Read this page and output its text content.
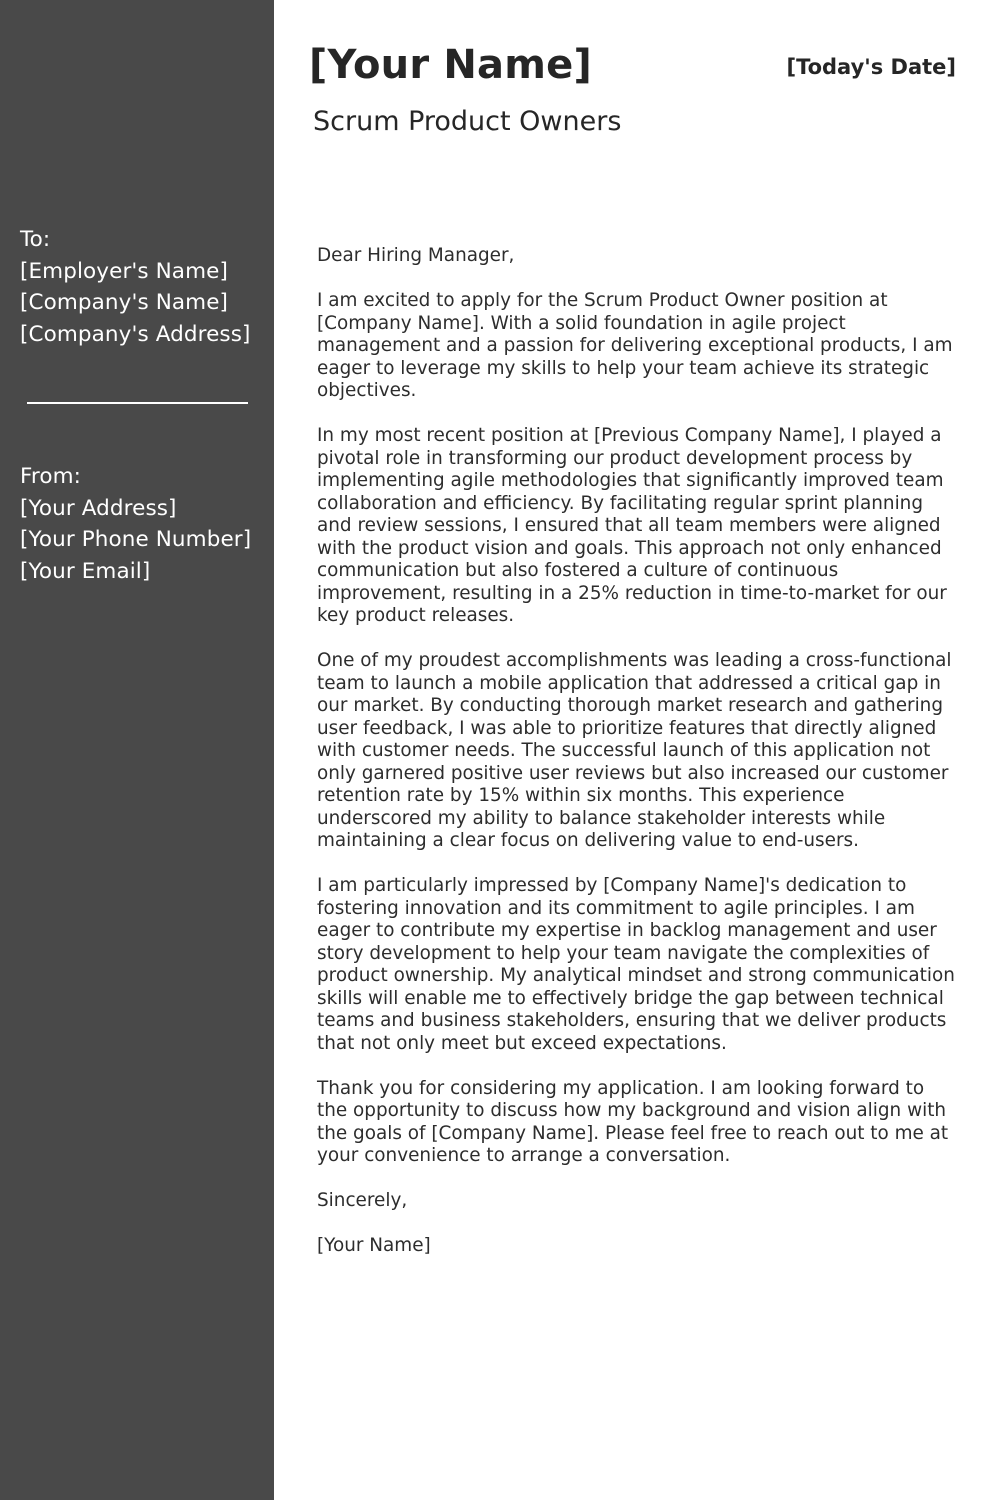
To:
[Employer's Name]
[Company's Name]
[Company's Address]
From:
[Your Address]
[Your Phone Number]
[Your Email]
[Your Name]	[Today's Date]
Scrum Product Owners

Dear Hiring Manager,

I am excited to apply for the Scrum Product Owner position at [Company Name]. With a solid foundation in agile project management and a passion for delivering exceptional products, I am eager to leverage my skills to help your team achieve its strategic objectives.

In my most recent position at [Previous Company Name], I played a pivotal role in transforming our product development process by implementing agile methodologies that significantly improved team collaboration and efficiency. By facilitating regular sprint planning and review sessions, I ensured that all team members were aligned with the product vision and goals. This approach not only enhanced communication but also fostered a culture of continuous improvement, resulting in a 25% reduction in time-to-market for our key product releases.

One of my proudest accomplishments was leading a cross-functional team to launch a mobile application that addressed a critical gap in our market. By conducting thorough market research and gathering user feedback, I was able to prioritize features that directly aligned with customer needs. The successful launch of this application not only garnered positive user reviews but also increased our customer retention rate by 15% within six months. This experience underscored my ability to balance stakeholder interests while maintaining a clear focus on delivering value to end-users.

I am particularly impressed by [Company Name]'s dedication to fostering innovation and its commitment to agile principles. I am eager to contribute my expertise in backlog management and user story development to help your team navigate the complexities of product ownership. My analytical mindset and strong communication skills will enable me to effectively bridge the gap between technical teams and business stakeholders, ensuring that we deliver products that not only meet but exceed expectations.

Thank you for considering my application. I am looking forward to the opportunity to discuss how my background and vision align with the goals of [Company Name]. Please feel free to reach out to me at your convenience to arrange a conversation.

Sincerely,

[Your Name]
